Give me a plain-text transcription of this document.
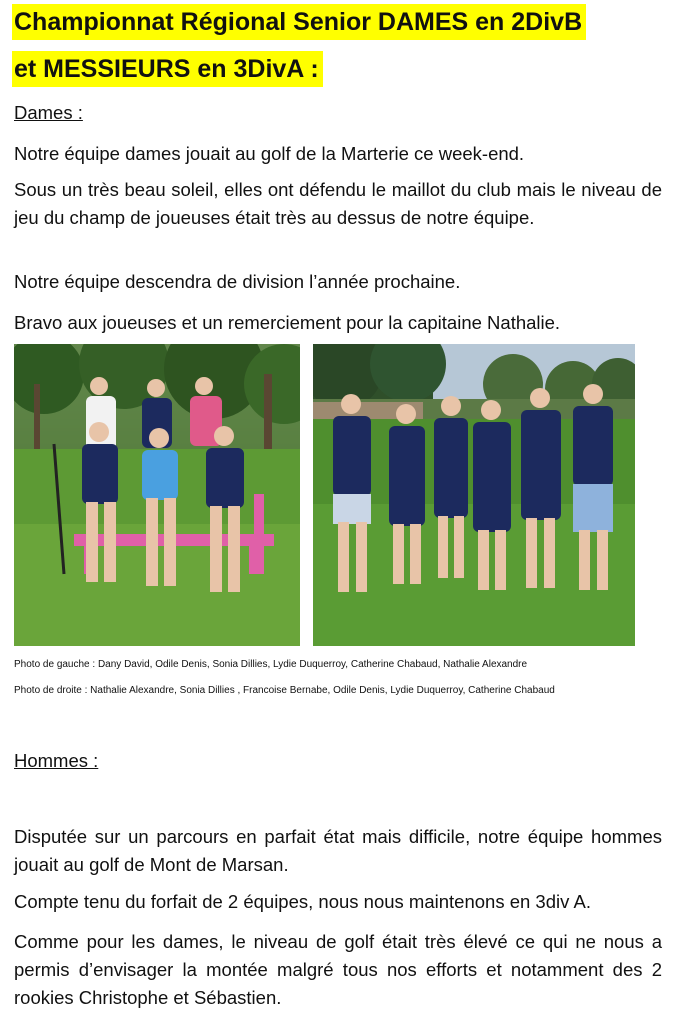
Championnat Régional Senior DAMES en 2DivB
et MESSIEURS en 3DivA :
Dames :
Notre équipe dames jouait au golf de la Marterie ce week-end.
Sous un très beau soleil, elles ont défendu le maillot du club mais le niveau de jeu du champ de joueuses était très au dessus de notre équipe.
Notre équipe descendra de division l’année prochaine.
Bravo aux joueuses et un remerciement pour la capitaine Nathalie.
Photo de gauche : Dany David, Odile Denis, Sonia Dillies, Lydie Duquerroy, Catherine Chabaud, Nathalie Alexandre
Photo de droite : Nathalie Alexandre, Sonia Dillies , Francoise Bernabe, Odile Denis, Lydie Duquerroy, Catherine Chabaud
Hommes :
Disputée sur un parcours en parfait état mais difficile, notre équipe hommes jouait au golf de Mont de Marsan.
Compte tenu du forfait de 2 équipes, nous nous maintenons en 3div A.
Comme pour les dames, le niveau de golf était très élevé ce qui ne nous a permis d’envisager la montée malgré tous nos efforts et notamment des 2 rookies Christophe et Sébastien.
